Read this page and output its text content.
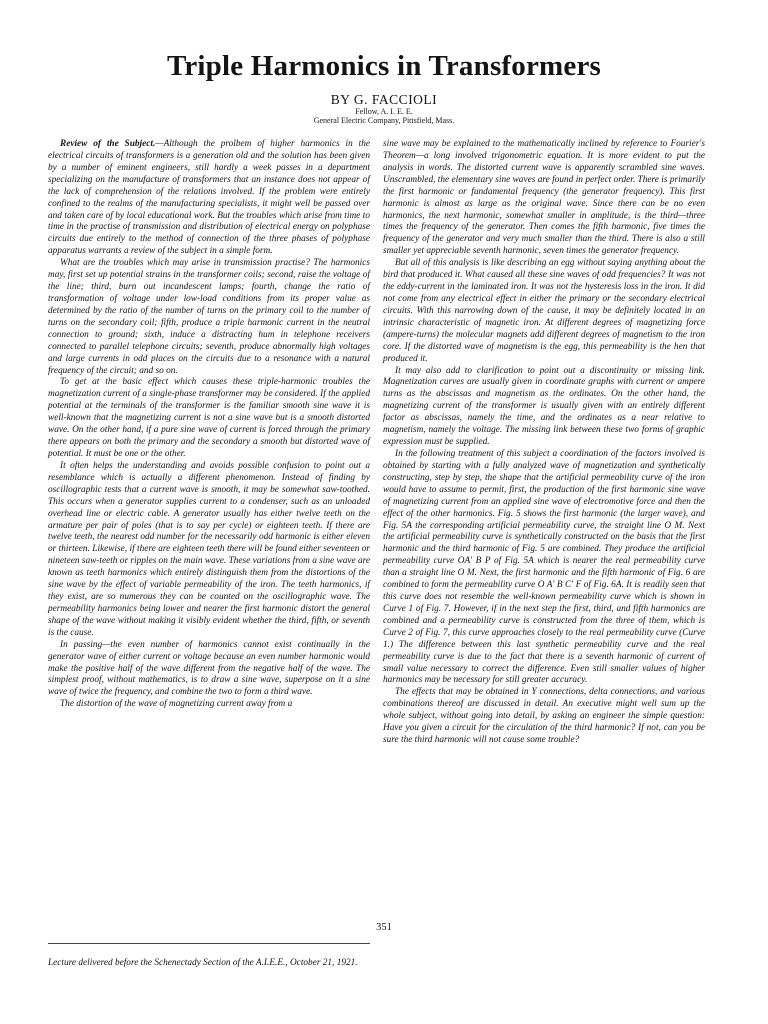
Triple Harmonics in Transformers
BY G. FACCIOLI
Fellow, A. I. E. E.
General Electric Company, Pittsfield, Mass.

Review of the Subject.—Although the prolbem of higher harmonics in the electrical circuits of transformers is a generation old and the solution has been given by a number of eminent engineers, still hardly a week passes in a department specializing on the manufacture of transformers that an instance does not appear of the lack of comprehension of the relations involved. If the problem were entirely confined to the realms of the manufacturing specialists, it might well be passed over and taken care of by local educational work. But the troubles which arise from time to time in the practise of transmission and distribution of electrical energy on polyphase circuits due entirely to the method of connection of the three phases of polyphase apparatus warrants a review of the subject in a simple form.

What are the troubles which may arise in transmission practise? The harmonics may, first set up potential strains in the transformer coils; second, raise the voltage of the line; third, burn out incandescent lamps; fourth, change the ratio of transformation of voltage under low-load conditions from its proper value as determined by the ratio of the number of turns on the primary coil to the number of turns on the secondary coil; fifth, produce a triple harmonic current in the neutral connection to ground; sixth, induce a distracting hum in telephone receivers connected to parallel telephone circuits; seventh, produce abnormally high voltages and large currents in odd places on the circuits due to a resonance with a natural frequency of the circuit; and so on.

To get at the basic effect which causes these triple-harmonic troubles the magnetization current of a single-phase transformer may be considered. If the applied potential at the terminals of the transformer is the familiar smooth sine wave it is well-known that the magnetizing current is not a sine wave but is a smooth distorted wave. On the other hand, if a pure sine wave of current is forced through the primary there appears on both the primary and the secondary a smooth but distorted wave of potential. It must be one or the other.

It often helps the understanding and avoids possible confusion to point out a resemblance which is actually a different phenomenon. Instead of finding by oscillographic tests that a current wave is smooth, it may be somewhat saw-toothed. This occurs when a generator supplies current to a condenser, such as an unloaded overhead line or electric cable. A generator usually has either twelve teeth on the armature per pair of poles (that is to say per cycle) or eighteen teeth. If there are twelve teeth, the nearest odd number for the necessarily odd harmonic is either eleven or thirteen. Likewise, if there are eighteen teeth there will be found either seventeen or nineteen saw-teeth or ripples on the main wave. These variations from a sine wave are known as teeth harmonics which entirely distinguish them from the distortions of the sine wave by the effect of variable permeability of the iron. The teeth harmonics, if they exist, are so numerous they can be counted on the oscillographic wave. The permeability harmonics being lower and nearer the first harmonic distort the general shape of the wave without making it visibly evident whether the third, fifth, or seventh is the cause.

In passing—the even number of harmonics cannot exist continually in the generator wave of either current or voltage because an even number harmonic would make the positive half of the wave different from the negative half of the wave. The simplest proof, without mathematics, is to draw a sine wave, superpose on it a sine wave of twice the frequency, and combine the two to form a third wave.

The distortion of the wave of magnetizing current away from a

sine wave may be explained to the mathematically inclined by reference to Fourier's Theorem—a long involved trigonometric equation. It is more evident to put the analysis in words. The distorted current wave is apparently scrambled sine waves. Unscrambled, the elementary sine waves are found in perfect order. There is primarily the first harmonic or fundamental frequency (the generator frequency). This first harmonic is almost as large as the original wave. Since there can be no even harmonics, the next harmonic, somewhat smaller in amplitude, is the third—three times the frequency of the generator. Then comes the fifth harmonic, five times the frequency of the generator and very much smaller than the third. There is also a still smaller yet appreciable seventh harmonic, seven times the generator frequency.

But all of this analysis is like describing an egg without saying anything about the bird that produced it. What caused all these sine waves of odd frequencies? It was not the eddy-current in the laminated iron. It was not the hysteresis loss in the iron. It did not come from any electrical effect in either the primary or the secondary electrical circuits. With this narrowing down of the cause, it may be definitely located in an intrinsic characteristic of magnetic iron. At different degrees of magnetizing force (ampere-turns) the molecular magnets add different degrees of magnetism to the iron core. If the distorted wave of magnetism is the egg, this permeability is the hen that produced it.

It may also add to clarification to point out a discontinuity or missing link. Magnetization curves are usually given in coordinate graphs with current or ampere turns as the abscissas and magnetism as the ordinates. On the other hand, the magnetizing current of the transformer is usually given with an entirely different factor as abscissas, namely the time, and the ordinates as a near relative to magnetism, namely the voltage. The missing link between these two forms of graphic expression must be supplied.

In the following treatment of this subject a coordination of the factors involved is obtained by starting with a fully analyzed wave of magnetization and synthetically constructing, step by step, the shape that the artificial permeability curve of the iron would have to assume to permit, first, the production of the first harmonic sine wave of magnetizing current from an applied sine wave of electromotive force and then the effect of the other harmonics. Fig. 5 shows the first harmonic (the larger wave), and Fig. 5A the corresponding artificial permeability curve, the straight line O M. Next the artificial permeability curve is synthetically constructed on the basis that the first harmonic and the third harmonic of Fig. 5 are combined. They produce the artificial permeability curve OA' B P of Fig. 5A which is nearer the real permeability curve than a straight line O M. Next, the first harmonic and the fifth harmonic of Fig. 6 are combined to form the permeability curve O A' B C' F of Fig. 6A. It is readily seen that this curve does not resemble the well-known permeability curve which is shown in Curve 1 of Fig. 7. However, if in the next step the first, third, and fifth harmonics are combined and a permeability curve is constructed from the three of them, which is Curve 2 of Fig. 7, this curve approaches closely to the real permeability curve (Curve 1.) The difference between this last synthetic permeability curve and the real permeability curve is due to the fact that there is a seventh harmonic of current of small value necessary to correct the difference. Even still smaller values of higher harmonics may be necessary for still greater accuracy.

The effects that may be obtained in Y connections, delta connections, and various combinations thereof are discussed in detail. An executive might well sum up the whole subject, without going into detail, by asking an engineer the simple question: Have you given a circuit for the circulation of the third harmonic? If not, can you be sure the third harmonic will not cause some trouble?

Lecture delivered before the Schenectady Section of the A.I.E.E., October 21, 1921.
351
